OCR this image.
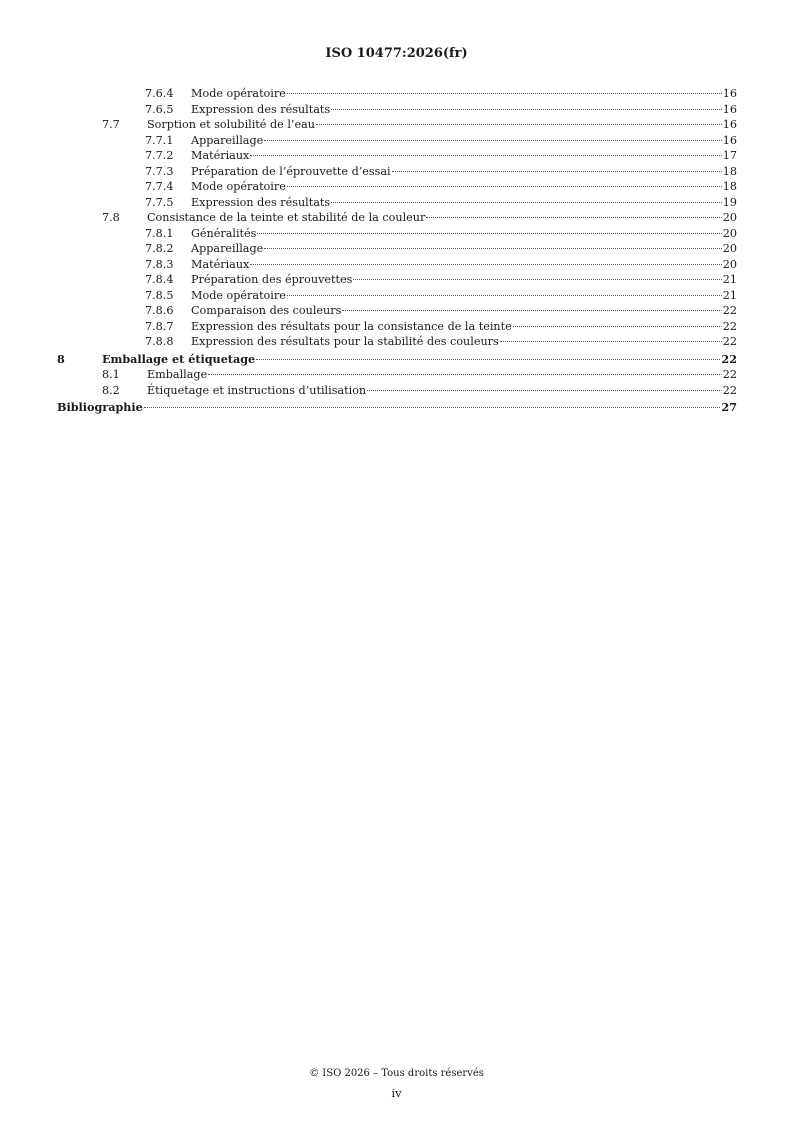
ISO 10477:2026(fr)
7.6.4	Mode opératoire	16
7.6.5	Expression des résultats	16
7.7	Sorption et solubilité de l’eau	16
7.7.1	Appareillage	16
7.7.2	Matériaux	17
7.7.3	Préparation de l’éprouvette d’essai	18
7.7.4	Mode opératoire	18
7.7.5	Expression des résultats	19
7.8	Consistance de la teinte et stabilité de la couleur	20
7.8.1	Généralités	20
7.8.2	Appareillage	20
7.8.3	Matériaux	20
7.8.4	Préparation des éprouvettes	21
7.8.5	Mode opératoire	21
7.8.6	Comparaison des couleurs	22
7.8.7	Expression des résultats pour la consistance de la teinte	22
7.8.8	Expression des résultats pour la stabilité des couleurs	22
8	Emballage et étiquetage	22
8.1	Emballage	22
8.2	Étiquetage et instructions d’utilisation	22
Bibliographie	27
© ISO 2026 – Tous droits réservés
iv
